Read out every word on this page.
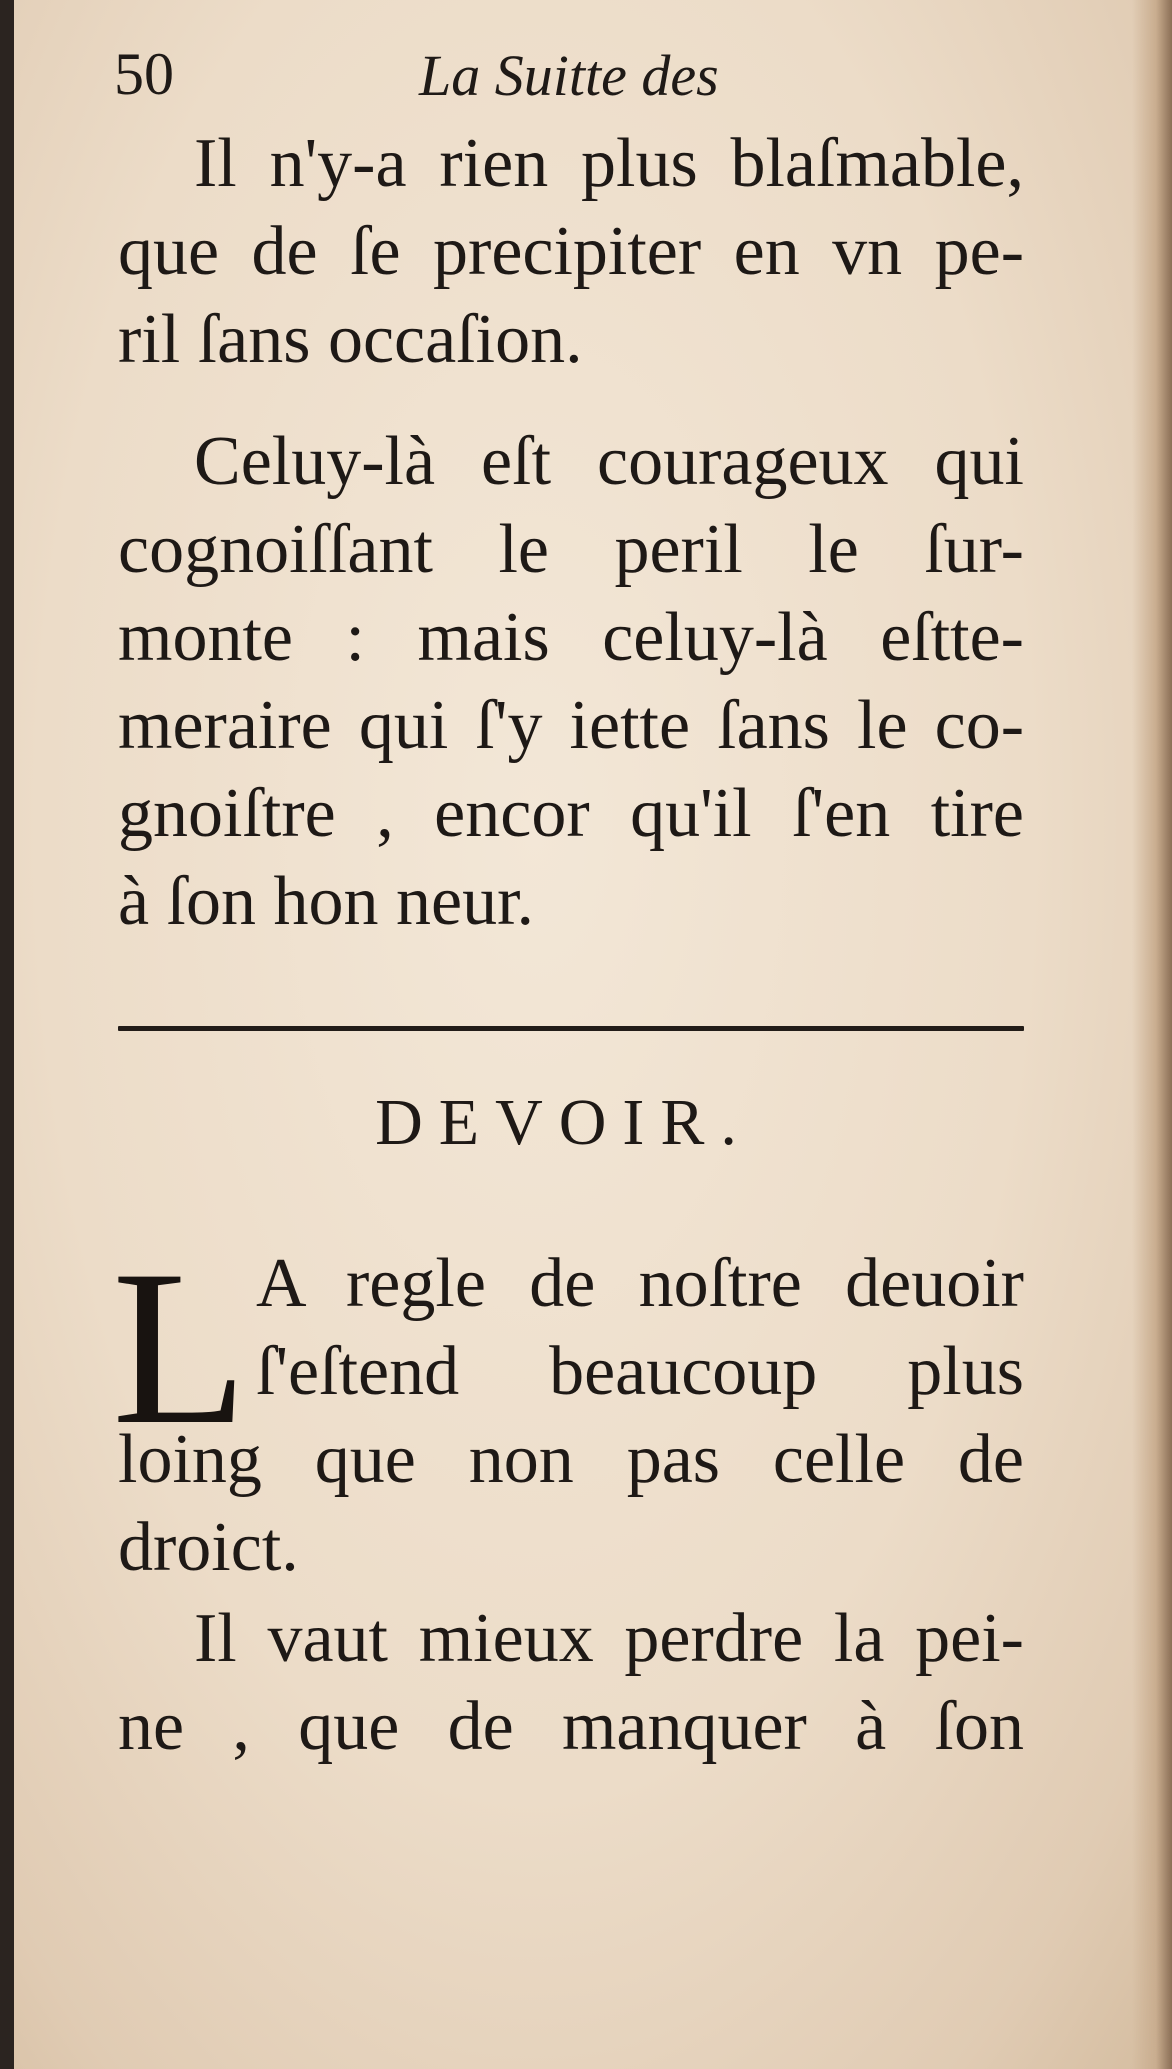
50	La Suitte des
Il n'y-a rien plus blaſmable,
que de ſe precipiter en vn pe-
ril ſans occaſion.
Celuy-là eſt courageux qui
cognoiſſant le peril le ſur-
monte : mais celuy-là eſtte-
meraire qui ſ'y iette ſans le co-
gnoiſtre , encor qu'il ſ'en tire
à ſon hon neur.
DEVOIR.
L A regle de noſtre deuoir
ſ'eſtend beaucoup plus
loing que non pas celle de
droict.
Il vaut mieux perdre la pei-
ne , que de manquer à ſon
